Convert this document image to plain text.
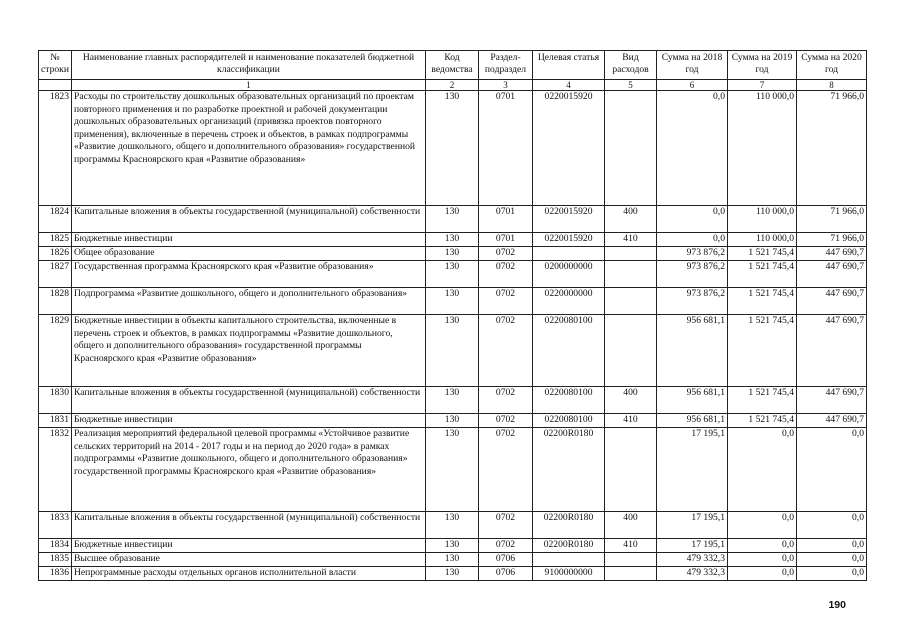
№ строки	Наименование главных распорядителей и наименование показателей бюджетной классификации	Код ведомства	Раздел-подраздел	Целевая статья	Вид расходов	Сумма на 2018 год	Сумма на 2019 год	Сумма на 2020 год
	1	2	3	4	5	6	7	8
1823	Расходы по строительству дошкольных образовательных организаций по проектам повторного применения и по разработке проектной и рабочей документации дошкольных образовательных организаций (привязка проектов повторного применения), включенные в перечень строек и объектов, в рамках подпрограммы «Развитие дошкольного, общего и дополнительного образования» государственной программы Красноярского края «Развитие образования»	130	0701	0220015920		0,0	110 000,0	71 966,0
1824	Капитальные вложения в объекты государственной (муниципальной) собственности	130	0701	0220015920	400	0,0	110 000,0	71 966,0
1825	Бюджетные инвестиции	130	0701	0220015920	410	0,0	110 000,0	71 966,0
1826	Общее образование	130	0702			973 876,2	1 521 745,4	447 690,7
1827	Государственная программа Красноярского края «Развитие образования»	130	0702	0200000000		973 876,2	1 521 745,4	447 690,7
1828	Подпрограмма «Развитие дошкольного, общего и дополнительного образования»	130	0702	0220000000		973 876,2	1 521 745,4	447 690,7
1829	Бюджетные инвестиции в объекты капитального строительства, включенные в перечень строек и объектов, в рамках подпрограммы «Развитие дошкольного, общего и дополнительного образования» государственной программы Красноярского края «Развитие образования»	130	0702	0220080100		956 681,1	1 521 745,4	447 690,7
1830	Капитальные вложения в объекты государственной (муниципальной) собственности	130	0702	0220080100	400	956 681,1	1 521 745,4	447 690,7
1831	Бюджетные инвестиции	130	0702	0220080100	410	956 681,1	1 521 745,4	447 690,7
1832	Реализация мероприятий федеральной целевой программы «Устойчивое развитие сельских территорий на 2014 - 2017 годы и на период до 2020 года» в рамках подпрограммы «Развитие дошкольного, общего и дополнительного образования» государственной программы Красноярского края «Развитие образования»	130	0702	02200R0180		17 195,1	0,0	0,0
1833	Капитальные вложения в объекты государственной (муниципальной) собственности	130	0702	02200R0180	400	17 195,1	0,0	0,0
1834	Бюджетные инвестиции	130	0702	02200R0180	410	17 195,1	0,0	0,0
1835	Высшее образование	130	0706			479 332,3	0,0	0,0
1836	Непрограммные расходы отдельных органов исполнительной власти	130	0706	9100000000		479 332,3	0,0	0,0
190
